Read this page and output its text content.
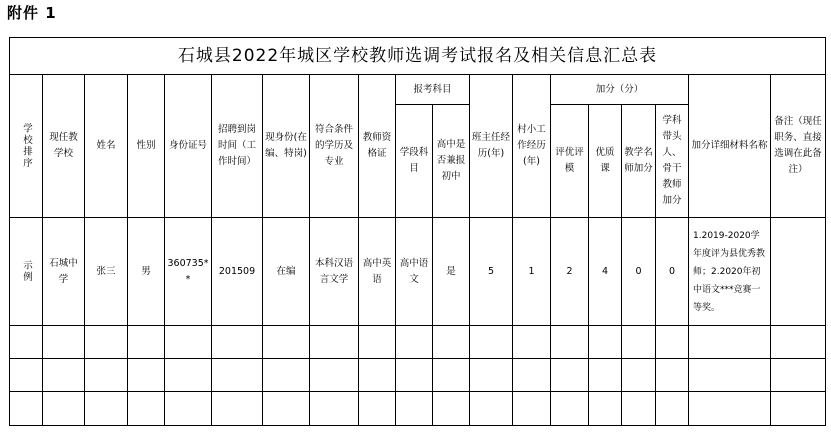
附件 1
石城县2022年城区学校教师选调考试报名及相关信息汇总表																		
学校排序	现任教学校	姓名	性别	身份证号	招聘到岗时间（工作时间）	现身份(在编、特岗)	符合条件的学历及专业	教师资格证	报考科目		班主任经历(年)	村小工作经历(年)	加分（分）				加分详细材料名称	备注（现任职务、直接选调在此备注）
									学段科目	高中是否兼报初中			评优评模	优质课	教学名师加分	学科带头人、骨干教师加分		

示例	石城中学	张三	男	360735**	201509	在编	本科汉语言文学	高中英语	高中语文	是	5	1	2	4	0	0	1.2019-2020学年度评为县优秀教师；2.2020年初中语文***竞赛一等奖。	
